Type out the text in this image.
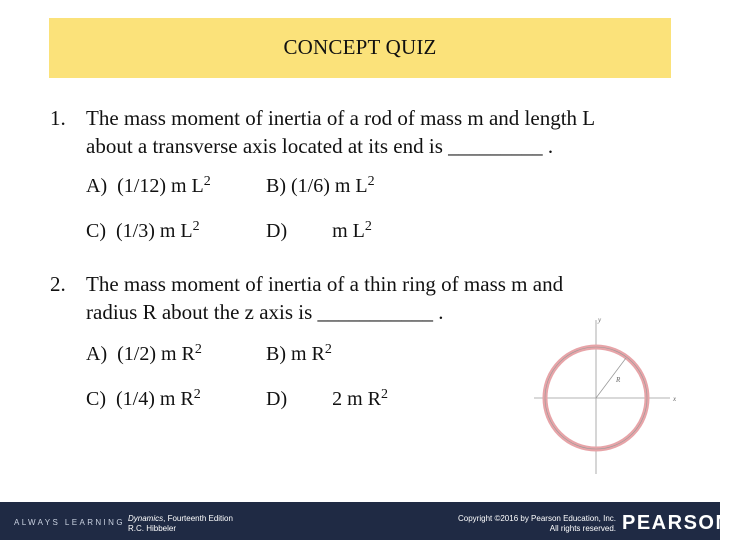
CONCEPT QUIZ
1. The mass moment of inertia of a rod of mass m and length L
about a transverse axis located at its end is _________ .
A) (1/12) m $L^2$	B) (1/6) m $L^2$
C) (1/3) m $L^2$	D) m $L^2$
2. The mass moment of inertia of a thin ring of mass m and
radius R about the z axis is ___________ .
A) (1/2) m $R^2$	B) m $R^2$
C) (1/4) m $R^2$	D) 2 m $R^2$
y
x
R
ALWAYS LEARNING Dynamics, Fourteenth Edition
R.C. Hibbeler
Copyright ©2016 by Pearson Education, Inc.
All rights reserved. PEARSON
